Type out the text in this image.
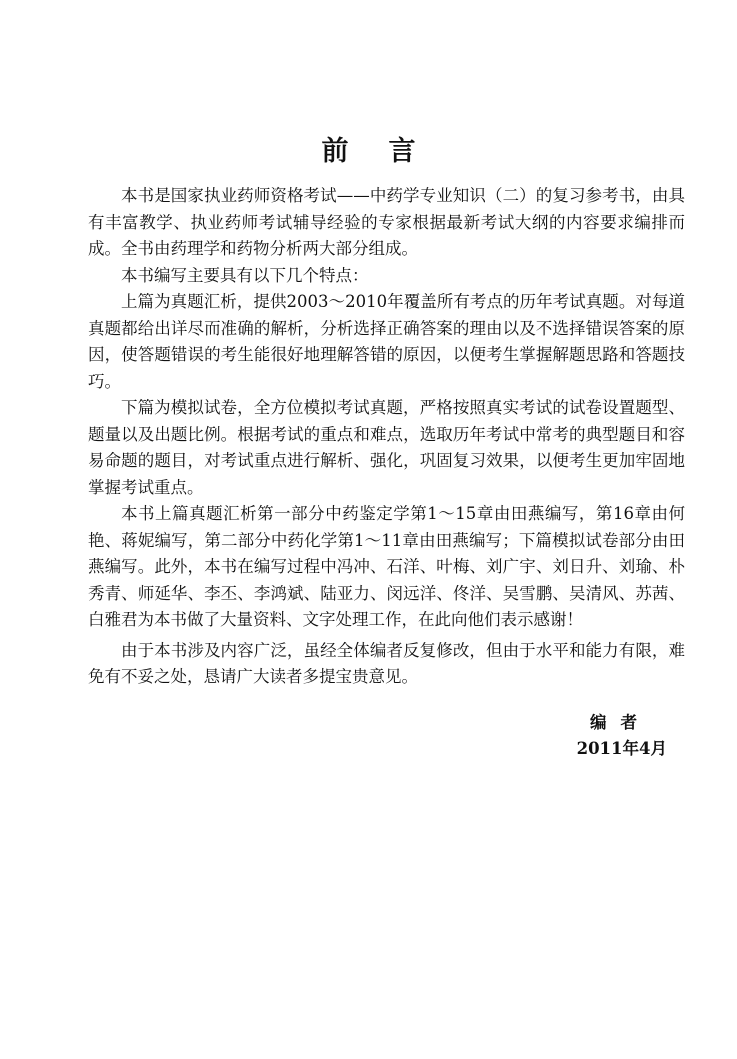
前言

本书是国家执业药师资格考试——中药学专业知识（二）的复习参考书，由具有丰富教学、执业药师考试辅导经验的专家根据最新考试大纲的内容要求编排而成。全书由药理学和药物分析两大部分组成。

本书编写主要具有以下几个特点：

上篇为真题汇析，提供2003～2010年覆盖所有考点的历年考试真题。对每道真题都给出详尽而准确的解析，分析选择正确答案的理由以及不选择错误答案的原因，使答题错误的考生能很好地理解答错的原因，以便考生掌握解题思路和答题技巧。

下篇为模拟试卷，全方位模拟考试真题，严格按照真实考试的试卷设置题型、题量以及出题比例。根据考试的重点和难点，选取历年考试中常考的典型题目和容易命题的题目，对考试重点进行解析、强化，巩固复习效果，以便考生更加牢固地掌握考试重点。

本书上篇真题汇析第一部分中药鉴定学第1～15章由田燕编写，第16章由何艳、蒋妮编写，第二部分中药化学第1～11章由田燕编写；下篇模拟试卷部分由田燕编写。此外，本书在编写过程中冯冲、石洋、叶梅、刘广宇、刘日升、刘瑜、朴秀青、师延华、李丕、李鸿斌、陆亚力、闵远洋、佟洋、吴雪鹏、吴清风、苏茜、白雅君为本书做了大量资料、文字处理工作，在此向他们表示感谢！

由于本书涉及内容广泛，虽经全体编者反复修改，但由于水平和能力有限，难免有不妥之处，恳请广大读者多提宝贵意见。

编者
2011年4月
